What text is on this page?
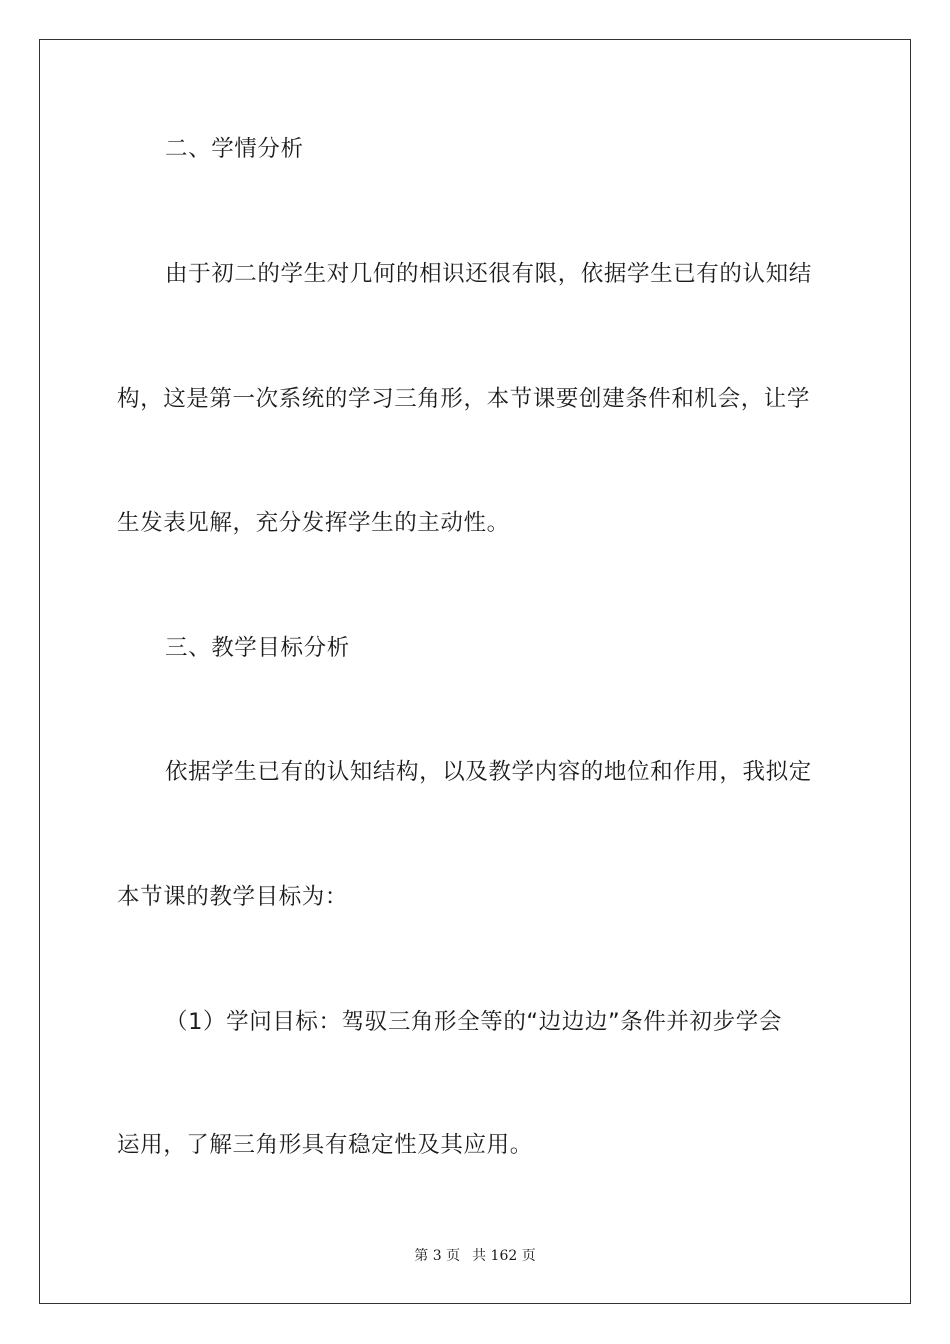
二、学情分析
由于初二的学生对几何的相识还很有限，依据学生已有的认知结
构，这是第一次系统的学习三角形，本节课要创建条件和机会，让学
生发表见解，充分发挥学生的主动性。
三、教学目标分析
依据学生已有的认知结构，以及教学内容的地位和作用，我拟定
本节课的教学目标为：
（1）学问目标：驾驭三角形全等的“边边边”条件并初步学会
运用，了解三角形具有稳定性及其应用。
第 3 页 共 162 页
